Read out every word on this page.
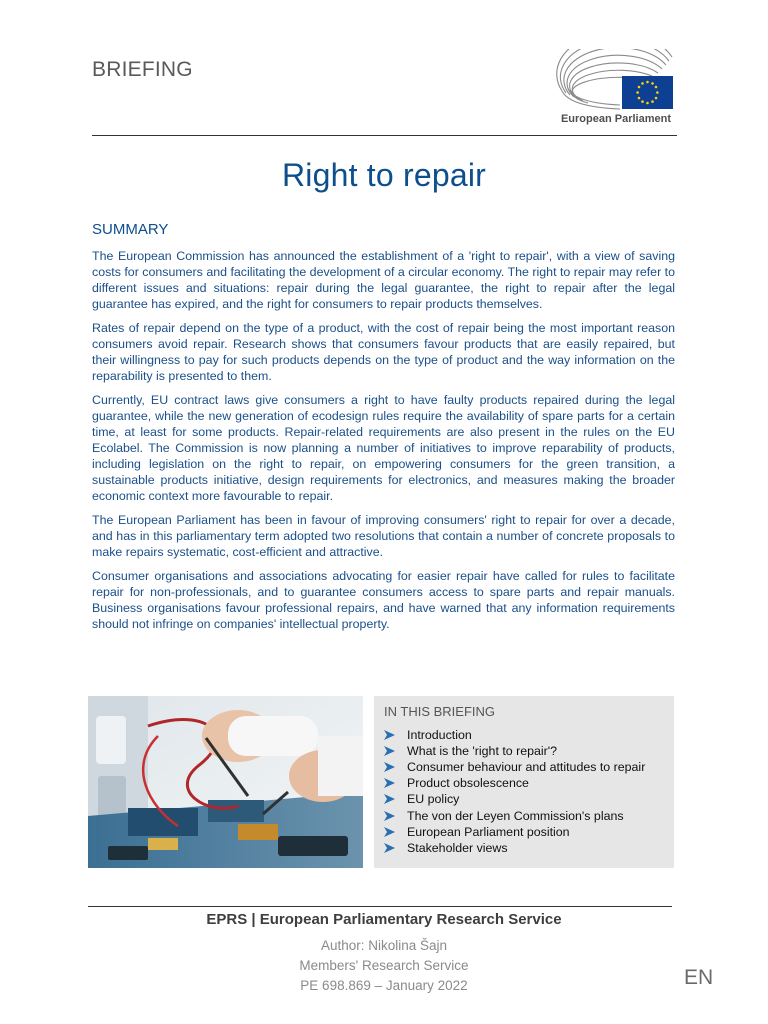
BRIEFING
European Parliament
Right to repair
SUMMARY

The European Commission has announced the establishment of a 'right to repair', with a view of saving costs for consumers and facilitating the development of a circular economy. The right to repair may refer to different issues and situations: repair during the legal guarantee, the right to repair after the legal guarantee has expired, and the right for consumers to repair products themselves.

Rates of repair depend on the type of a product, with the cost of repair being the most important reason consumers avoid repair. Research shows that consumers favour products that are easily repaired, but their willingness to pay for such products depends on the type of product and the way information on the reparability is presented to them.

Currently, EU contract laws give consumers a right to have faulty products repaired during the legal guarantee, while the new generation of ecodesign rules require the availability of spare parts for a certain time, at least for some products. Repair-related requirements are also present in the rules on the EU Ecolabel. The Commission is now planning a number of initiatives to improve reparability of products, including legislation on the right to repair, on empowering consumers for the green transition, a sustainable products initiative, design requirements for electronics, and measures making the broader economic context more favourable to repair.

The European Parliament has been in favour of improving consumers' right to repair for over a decade, and has in this parliamentary term adopted two resolutions that contain a number of concrete proposals to make repairs systematic, cost-efficient and attractive.

Consumer organisations and associations advocating for easier repair have called for rules to facilitate repair for non-professionals, and to guarantee consumers access to spare parts and repair manuals. Business organisations favour professional repairs, and have warned that any information requirements should not infringe on companies' intellectual property.

IN THIS BRIEFING
Introduction
What is the 'right to repair'?
Consumer behaviour and attitudes to repair
Product obsolescence
EU policy
The von der Leyen Commission's plans
European Parliament position
Stakeholder views
EPRS | European Parliamentary Research Service
Author: Nikolina Šajn
Members' Research Service
PE 698.869 – January 2022	EN
